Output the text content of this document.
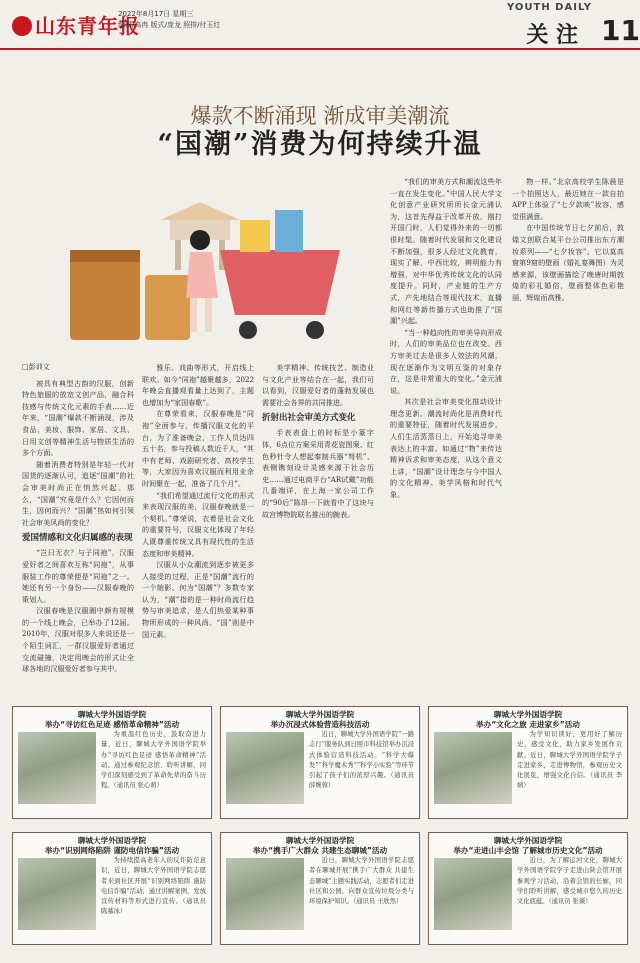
山东青年报
2022年8月17日 星期三
编辑/高冉 版式/庞龙 照排/付玉红
YOUTH DAILY
关 注 11
爆款不断涌现 渐成审美潮流
“国潮”消费为何持续升温

“我们的审美方式和潮流这些年一直在发生变化。”中国人民大学文化创意产业研究所所长金元浦认为，这首先得益于改革开放，刚打开国门时，人们觉得外来的一切都很时髦。随着时代发展和文化建设不断加强，很多人经过文化教育，现实了解，中西比较，辨明能力有增强，对中华优秀传统文化的认同度提升。同时，产业链的生产方式，产先地结合等现代技术，直播和网红等新传播方式也助推了“国潮”兴起。

“当一种趋向性的审美导向形成时，人们的审美品位也在改变。西方审美过去是很多人效法的风潮，现在逐渐作为文明互鉴的对象存在，这是非常重大的变化。”金元浦说。

其次是社会审美变化推动设计理念更新。潮流时尚化是消费时代的重要特征，随着时代发展进步，人们生活蒸蒸日上，开始追寻审美表达上的丰富。如通过“物”来传达精神诉求和审美态度，从这个意义上讲，“国潮”设计理念与今中国人的文化精神、美学风格和时代气象。

物一样。”北京高校学生陈晨是一个拍照达人，最近她在一款自拍APP上体验了“七夕款映”妆容，感觉很满意。

在中国传统节日七夕前后，敦煌文创联合某平台公司推出东方潮妆系列——“七夕妆容”。它以莫高窟第9窟的壁画（婚礼宴舞图）为灵感来源，该壁画描绘了晚唐时期敦煌的彩礼婚俗，壁画整体色彩艳丽，辉煌而高雅。

□彭训文

被具有典型古韵的汉服，创新特色旅服的放宽文创产品，融合科技感与传统文化元素的手表……近年来，“国潮”爆款不断涌现，涉及食品、美妆、服饰、家居、文具、日用文创等精神生活与物质生活的多个方面。

随着消费者特别是年轻一代对国货的逐渐认可，追逐“国潮”的社会审美时尚正在悄然兴起。那么，“国潮”究竟是什么？它因何而生，因何而兴？“国潮”热如何引领社会审美风尚的变化？

爱国情感和文化归属感的表现

“岂曰无衣？与子同袍”，汉服爱好者之间喜欢互称“同袍”，从事服装工作的尊荣便是“同袍”之一。她还有另一个身份——汉服春晚的策划人。

汉服春晚是汉服圈中颇有规模的一个线上晚会，已举办了12届。2010年，汉服对很多人来说还是一个陌生词汇，一群汉服爱好者通过交流碰撞，决定用晚会的形式让全球各地的汉服爱好者参与其中。

雅乐、戏曲等形式，开启线上联欢。如今“同袍”越聚越多，2022年晚会直播观看量上达到了，主题也增加为“家国春歌”。

在尊荣看来，汉服春晚是“同袍”全面参与，传播汉服文化的平台，为了准备晚会，工作人员达四五十名，参与投稿人数近千人，“其中有老师、戏剧研究者、高校学生等，大家因为喜欢汉服而利用业余时间聚在一起，准备了几个月”。

“我们希望通过流行文化的形式来表现汉服的美，汉服春晚就是一个契机。”尊荣说，衣着是社会文化的重要符号，汉服文化体现了年轻人既尊重传统又具有现代性的生活态度和审美精神。

汉服从小众潮流到逐步被更多人接受的过程，正是“国潮”流行的一个缩影。何为“国潮”？多数专家认为，“潮”指的是一种时尚流行趋势与审美追求，是人们热爱某种事物所形成的一种风尚。“国”则是中国元素。

美学精神、传统技艺、制造业与文化产业等结合在一起，我们可以看到，汉服爱好者的蓬勃发展也需要社会各界的共同推进。

折射出社会审美方式变化

手表表盘上的时标是小篆字体，6点位方案采用青花瓷图案、红色秒针令人想起秦制兵器“弩机”、表侧镌刻设计灵感来源于社会历史……通过电商平台“AR试戴”功能几番端详，在上海一家公司工作的“90后”陈昂一下就看中了这块与故宫博物院联名推出的腕表。

聊城大学外国语学院
举办“寻访红色足迹 感悟革命精神”活动

为重温红色历史，汲取奋进力量，近日，聊城大学外国语学院举办“寻访红色足迹 感悟革命精神”活动。通过参观纪念馆、聆听讲解，同学们深刻感受到了革命先辈的奋斗历程。（通讯员 张心萌）

聊城大学外国语学院
举办沉浸式体验营造科技活动

近日，聊城大学外国语学院“一路志行”服务队到日照市科技馆举办沉浸式体验营造科技活动。“科学大爆发”“科学魔术秀”“科学小实验”等环节引起了孩子们的浓厚兴趣。（通讯员 薛婉蓉）

聊城大学外国语学院
举办“文化之旅 走进家乡”活动

为学知识读好，更用好了解历史，感受文化，助力家乡发展作贡献。近日，聊城大学外国语学院学子走进家乡，走进博物馆，参观历史文化展览，增强文化自信。（通讯员 李婧）

聊城大学外国语学院
举办“识别网络陷阱 谨防电信诈骗”活动

为持续提高老年人的反诈防范意识，近日，聊城大学外国语学院志愿者来到社区开展“识别网络陷阱 谨防电信诈骗”活动，通过讲解案例、发放宣传材料等形式进行宣传。（通讯员 陈慕冰）

聊城大学外国语学院
举办“携手广大群众 共建生态聊城”活动

近日，聊城大学外国语学院志愿者在聊城开展“携手广大群众 共建生态聊城”主题实践活动，志愿者们走进社区和公园，向群众宣传垃圾分类与环境保护知识。（通讯员 王欣然）

聊城大学外国语学院
举办“走进山丰会馆 了解城市历史文化”活动

近日，为了解运河文化，聊城大学外国语学院学子走进山陕会馆开展参观学习活动，沿着会馆的长廊，同学们聆听讲解，感受城市悠久的历史文化底蕴。（通讯员 张薇）
